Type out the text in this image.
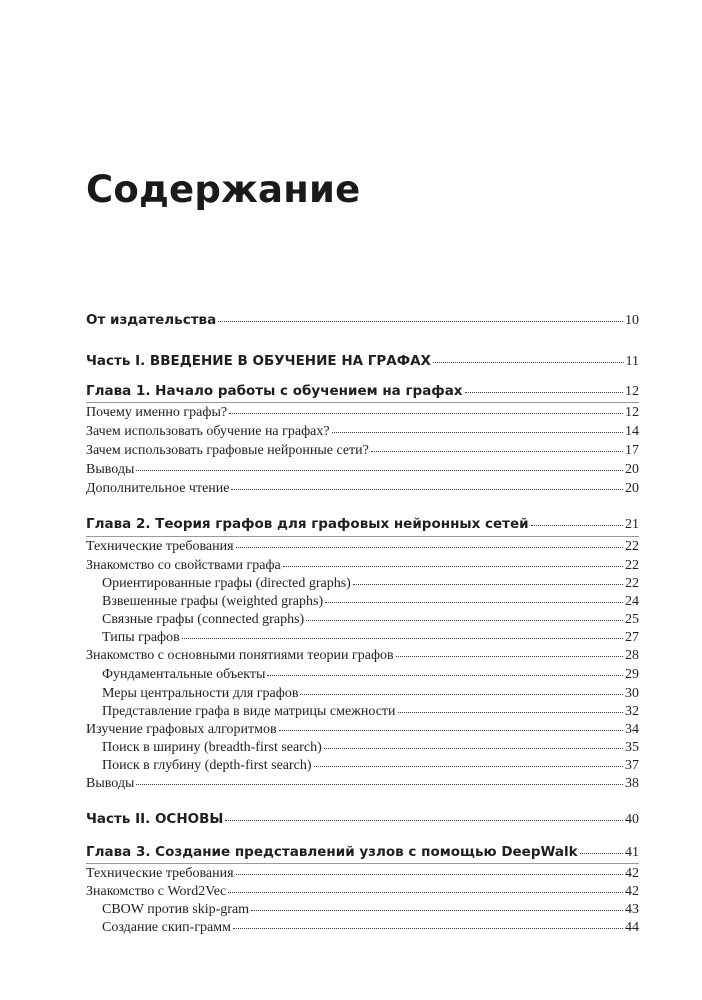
Содержание
От издательства	10
Часть I. ВВЕДЕНИЕ В ОБУЧЕНИЕ НА ГРАФАХ	11
Глава 1. Начало работы с обучением на графах	12
Почему именно графы?	12
Зачем использовать обучение на графах?	14
Зачем использовать графовые нейронные сети?	17
Выводы	20
Дополнительное чтение	20
Глава 2. Теория графов для графовых нейронных сетей	21
Технические требования	22
Знакомство со свойствами графа	22
Ориентированные графы (directed graphs)	22
Взвешенные графы (weighted graphs)	24
Связные графы (connected graphs)	25
Типы графов	27
Знакомство с основными понятиями теории графов	28
Фундаментальные объекты	29
Меры центральности для графов	30
Представление графа в виде матрицы смежности	32
Изучение графовых алгоритмов	34
Поиск в ширину (breadth-first search)	35
Поиск в глубину (depth-first search)	37
Выводы	38
Часть II. ОСНОВЫ	40
Глава 3. Создание представлений узлов с помощью DeepWalk	41
Технические требования	42
Знакомство с Word2Vec	42
CBOW против skip-gram	43
Создание скип-грамм	44
